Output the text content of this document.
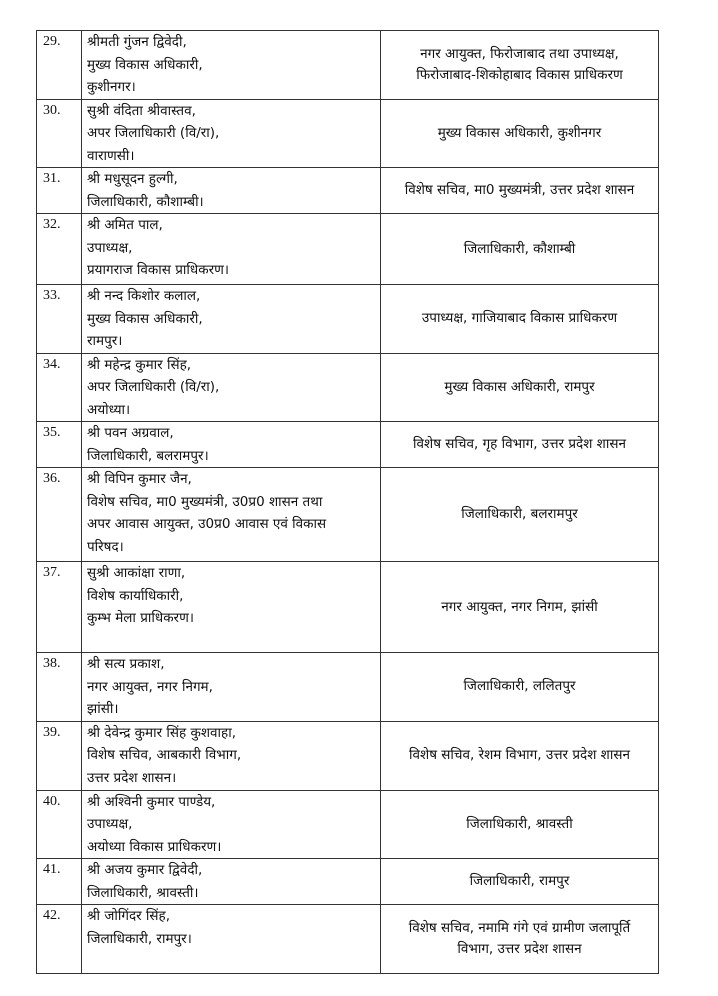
29.	श्रीमती गुंजन द्विवेदी,
मुख्य विकास अधिकारी,
कुशीनगर।	नगर आयुक्त, फिरोजाबाद तथा उपाध्यक्ष,
फिरोजाबाद-शिकोहाबाद विकास प्राधिकरण

30.	सुश्री वंदिता श्रीवास्तव,
अपर जिलाधिकारी (वि/रा),
वाराणसी।	मुख्य विकास अधिकारी, कुशीनगर

31.	श्री मधुसूदन हुल्गी,
जिलाधिकारी, कौशाम्बी।	विशेष सचिव, मा0 मुख्यमंत्री, उत्तर प्रदेश शासन

32.	श्री अमित पाल,
उपाध्यक्ष,
प्रयागराज विकास प्राधिकरण।	जिलाधिकारी, कौशाम्बी

33.	श्री नन्द किशोर कलाल,
मुख्य विकास अधिकारी,
रामपुर।	उपाध्यक्ष, गाजियाबाद विकास प्राधिकरण

34.	श्री महेन्द्र कुमार सिंह,
अपर जिलाधिकारी (वि/रा),
अयोध्या।	मुख्य विकास अधिकारी, रामपुर

35.	श्री पवन अग्रवाल,
जिलाधिकारी, बलरामपुर।	विशेष सचिव, गृह विभाग, उत्तर प्रदेश शासन

36.	श्री विपिन कुमार जैन,
विशेष सचिव, मा0 मुख्यमंत्री, उ0प्र0 शासन तथा
अपर आवास आयुक्त, उ0प्र0 आवास एवं विकास
परिषद।	जिलाधिकारी, बलरामपुर

37.	सुश्री आकांक्षा राणा,
विशेष कार्याधिकारी,
कुम्भ मेला प्राधिकरण।	नगर आयुक्त, नगर निगम, झांसी

38.	श्री सत्य प्रकाश,
नगर आयुक्त, नगर निगम,
झांसी।	जिलाधिकारी, ललितपुर

39.	श्री देवेन्द्र कुमार सिंह कुशवाहा,
विशेष सचिव, आबकारी विभाग,
उत्तर प्रदेश शासन।	विशेष सचिव, रेशम विभाग, उत्तर प्रदेश शासन

40.	श्री अश्विनी कुमार पाण्डेय,
उपाध्यक्ष,
अयोध्या विकास प्राधिकरण।	जिलाधिकारी, श्रावस्ती

41.	श्री अजय कुमार द्विवेदी,
जिलाधिकारी, श्रावस्ती।	जिलाधिकारी, रामपुर

42.	श्री जोगिंदर सिंह,
जिलाधिकारी, रामपुर।	विशेष सचिव, नमामि गंगे एवं ग्रामीण जलापूर्ति
विभाग, उत्तर प्रदेश शासन
